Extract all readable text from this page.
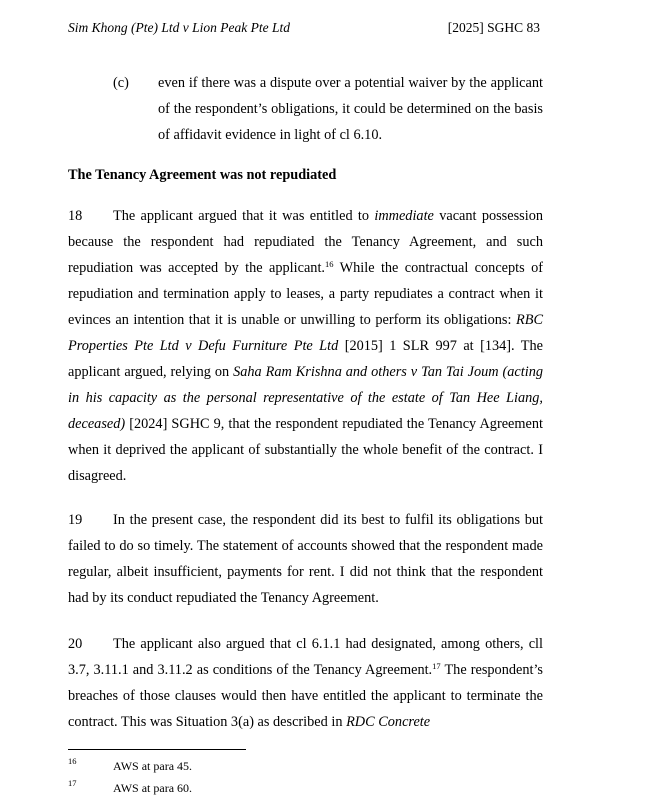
Sim Khong (Pte) Ltd v Lion Peak Pte Ltd	[2025] SGHC 83
(c) even if there was a dispute over a potential waiver by the applicant of the respondent’s obligations, it could be determined on the basis of affidavit evidence in light of cl 6.10.
The Tenancy Agreement was not repudiated
18 The applicant argued that it was entitled to immediate vacant possession because the respondent had repudiated the Tenancy Agreement, and such repudiation was accepted by the applicant.$^{16}$ While the contractual concepts of repudiation and termination apply to leases, a party repudiates a contract when it evinces an intention that it is unable or unwilling to perform its obligations: RBC Properties Pte Ltd v Defu Furniture Pte Ltd [2015] 1 SLR 997 at [134]. The applicant argued, relying on Saha Ram Krishna and others v Tan Tai Joum (acting in his capacity as the personal representative of the estate of Tan Hee Liang, deceased) [2024] SGHC 9, that the respondent repudiated the Tenancy Agreement when it deprived the applicant of substantially the whole benefit of the contract. I disagreed.
19 In the present case, the respondent did its best to fulfil its obligations but failed to do so timely. The statement of accounts showed that the respondent made regular, albeit insufficient, payments for rent. I did not think that the respondent had by its conduct repudiated the Tenancy Agreement.
20 The applicant also argued that cl 6.1.1 had designated, among others, cll 3.7, 3.11.1 and 3.11.2 as conditions of the Tenancy Agreement.$^{17}$ The respondent’s breaches of those clauses would then have entitled the applicant to terminate the contract. This was Situation 3(a) as described in RDC Concrete
16	AWS at para 45.
17	AWS at para 60.
